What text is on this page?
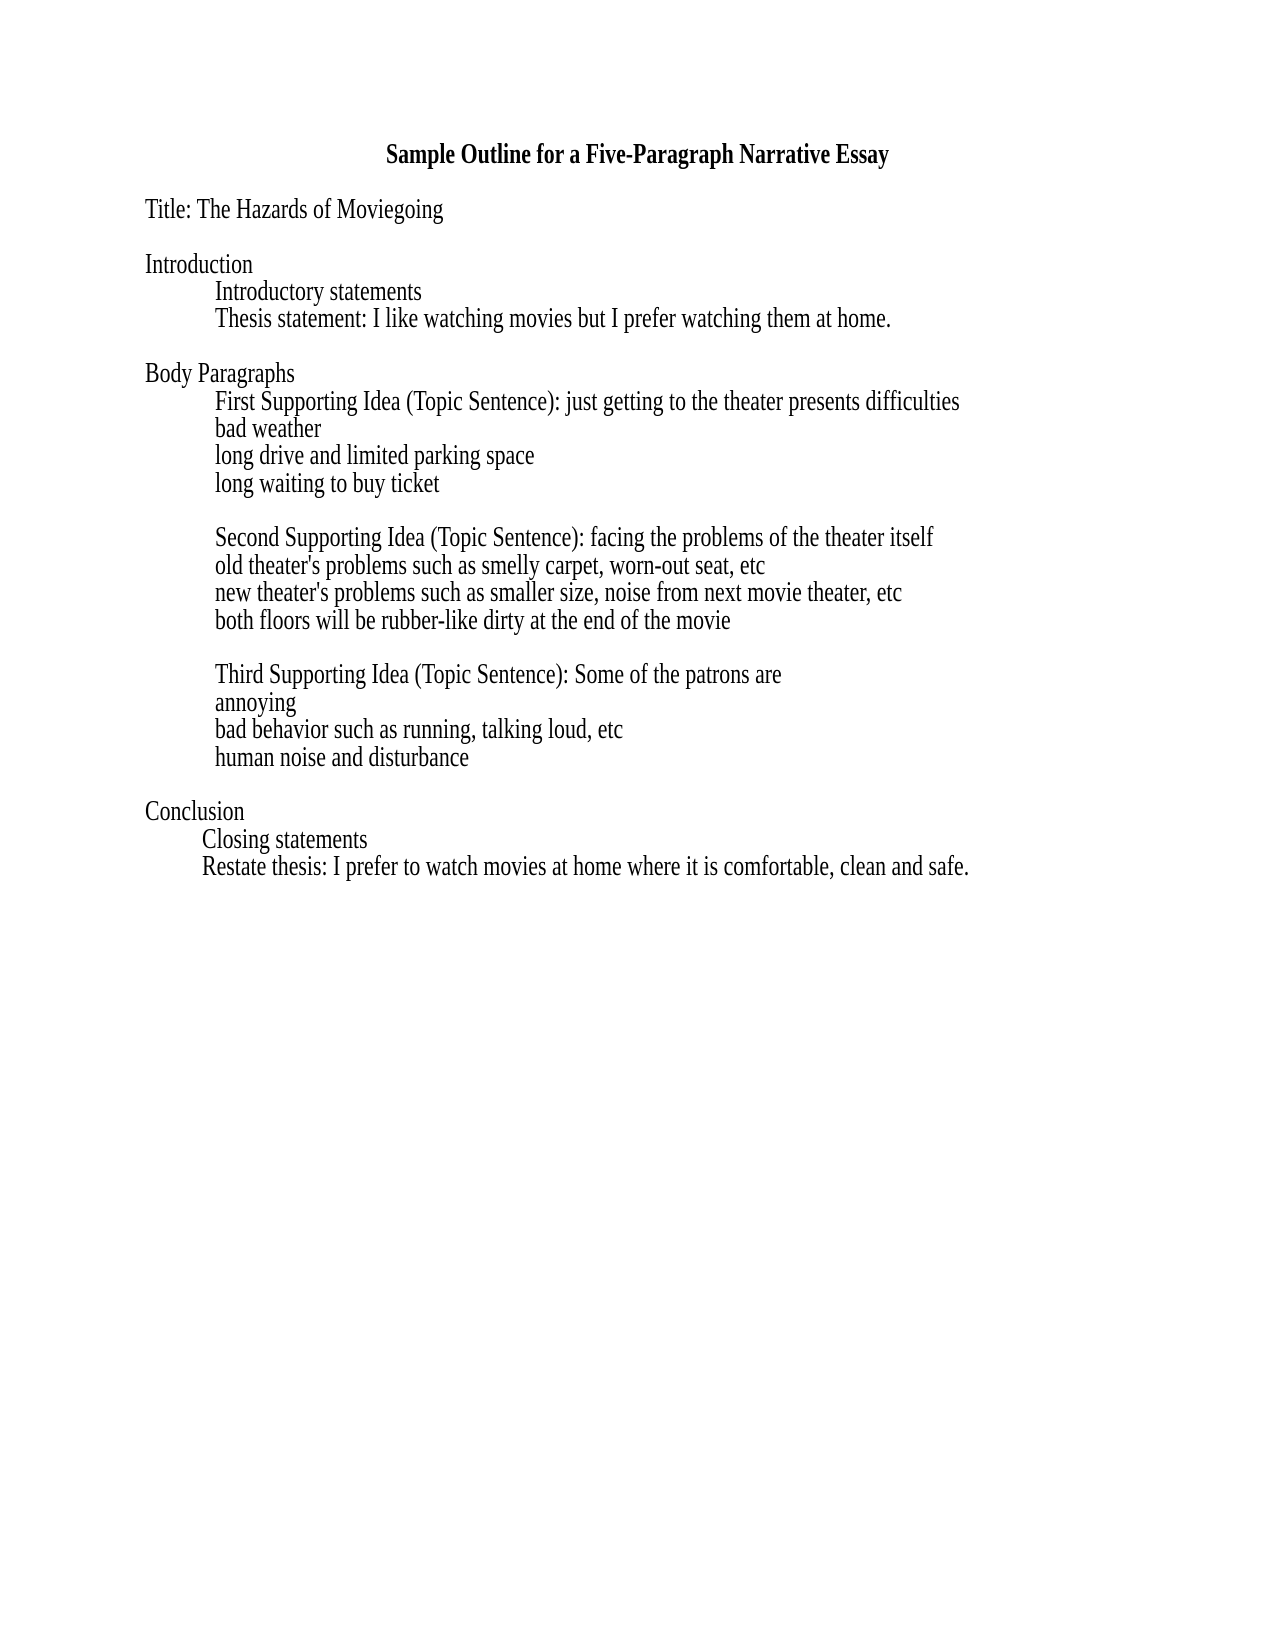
Sample Outline for a Five-Paragraph Narrative Essay
Title: The Hazards of Moviegoing
Introduction
Introductory statements
Thesis statement: I like watching movies but I prefer watching them at home.
Body Paragraphs
First Supporting Idea (Topic Sentence): just getting to the theater presents difficulties
bad weather
long drive and limited parking space
long waiting to buy ticket
Second Supporting Idea (Topic Sentence): facing the problems of the theater itself
old theater's problems such as smelly carpet, worn-out seat, etc
new theater's problems such as smaller size, noise from next movie theater, etc
both floors will be rubber-like dirty at the end of the movie
Third Supporting Idea (Topic Sentence): Some of the patrons are
annoying
bad behavior such as running, talking loud, etc
human noise and disturbance
Conclusion
Closing statements
Restate thesis: I prefer to watch movies at home where it is comfortable, clean and safe.
